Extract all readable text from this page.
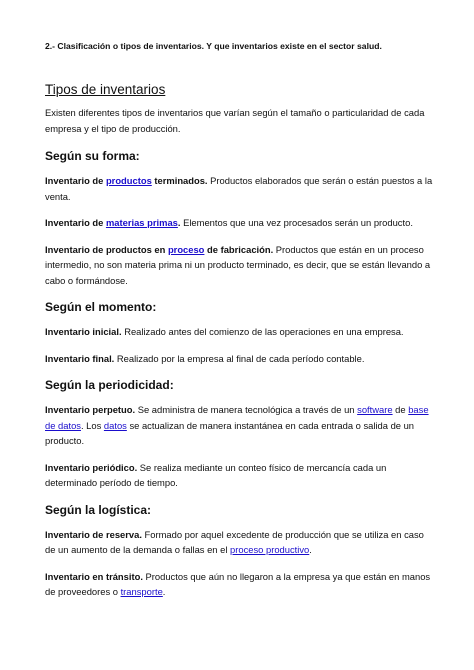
2.- Clasificación o tipos de inventarios. Y que inventarios existe en el sector salud.

Tipos de inventarios

Existen diferentes tipos de inventarios que varían según el tamaño o particularidad de cada empresa y el tipo de producción.

Según su forma:

Inventario de productos terminados. Productos elaborados que serán o están puestos a la venta.

Inventario de materias primas. Elementos que una vez procesados serán un producto.

Inventario de productos en proceso de fabricación. Productos que están en un proceso intermedio, no son materia prima ni un producto terminado, es decir, que se están llevando a cabo o formándose.

Según el momento:

Inventario inicial. Realizado antes del comienzo de las operaciones en una empresa.

Inventario final. Realizado por la empresa al final de cada período contable.

Según la periodicidad:

Inventario perpetuo. Se administra de manera tecnológica a través de un software de base de datos. Los datos se actualizan de manera instantánea en cada entrada o salida de un producto.

Inventario periódico. Se realiza mediante un conteo físico de mercancía cada un determinado período de tiempo.

Según la logística:

Inventario de reserva. Formado por aquel excedente de producción que se utiliza en caso de un aumento de la demanda o fallas en el proceso productivo.

Inventario en tránsito. Productos que aún no llegaron a la empresa ya que están en manos de proveedores o transporte.
